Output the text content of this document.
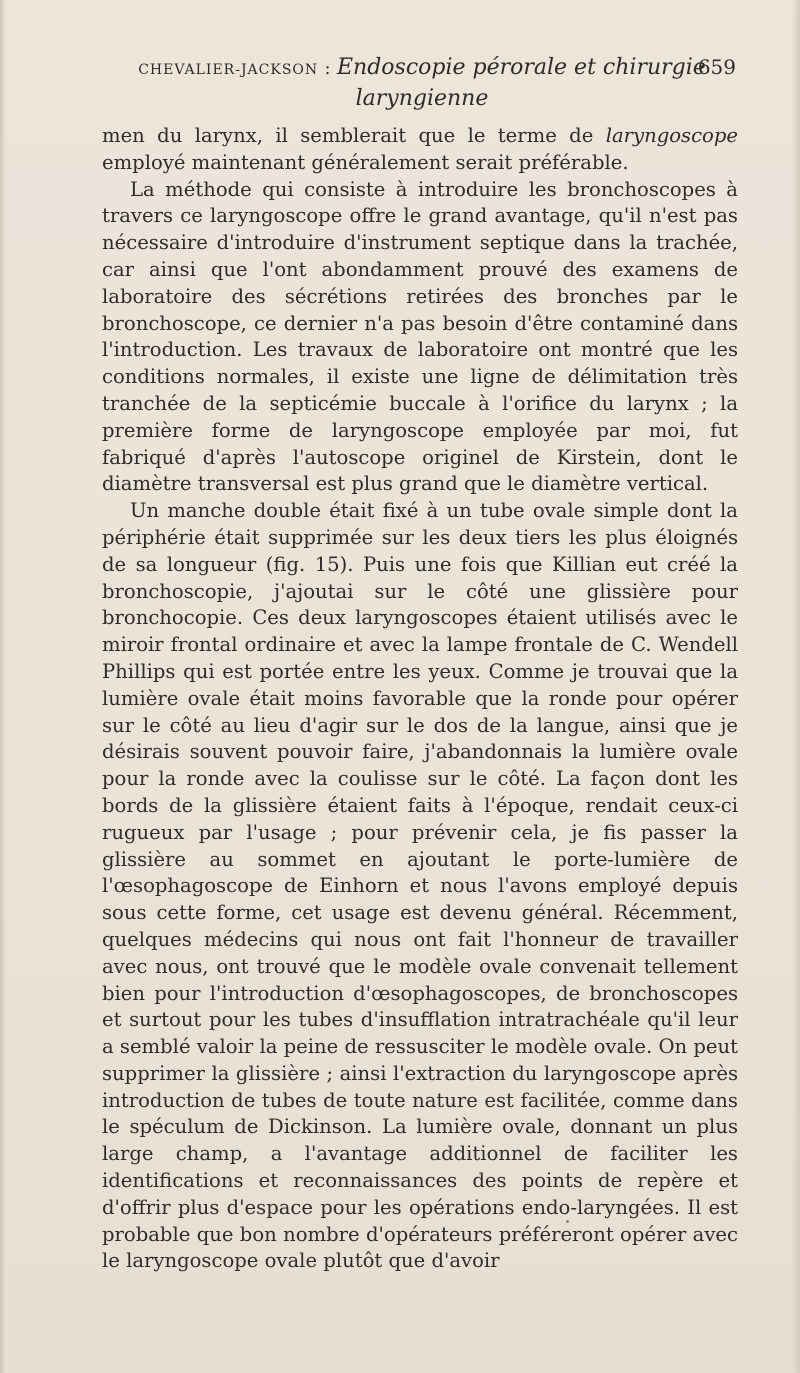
CHEVALIER-JACKSON : Endoscopie pérorale et chirurgie
659
laryngienne

men du larynx, il semblerait que le terme de laryngoscope employé maintenant généralement serait préférable.

La méthode qui consiste à introduire les bronchoscopes à travers ce laryngoscope offre le grand avantage, qu'il n'est pas nécessaire d'introduire d'instrument septique dans la trachée, car ainsi que l'ont abondamment prouvé des examens de laboratoire des sécrétions retirées des bronches par le bronchoscope, ce dernier n'a pas besoin d'être contaminé dans l'introduction. Les travaux de laboratoire ont montré que les conditions normales, il existe une ligne de délimitation très tranchée de la septicémie buccale à l'orifice du larynx ; la première forme de laryngoscope employée par moi, fut fabriqué d'après l'autoscope originel de Kirstein, dont le diamètre transversal est plus grand que le diamètre vertical.

Un manche double était fixé à un tube ovale simple dont la périphérie était supprimée sur les deux tiers les plus éloignés de sa longueur (fig. 15). Puis une fois que Killian eut créé la bronchoscopie, j'ajoutai sur le côté une glissière pour bronchocopie. Ces deux laryngoscopes étaient utilisés avec le miroir frontal ordinaire et avec la lampe frontale de C. Wendell Phillips qui est portée entre les yeux. Comme je trouvai que la lumière ovale était moins favorable que la ronde pour opérer sur le côté au lieu d'agir sur le dos de la langue, ainsi que je désirais souvent pouvoir faire, j'abandonnais la lumière ovale pour la ronde avec la coulisse sur le côté. La façon dont les bords de la glissière étaient faits à l'époque, rendait ceux-ci rugueux par l'usage ; pour prévenir cela, je fis passer la glissière au sommet en ajoutant le porte-lumière de l'œsophagoscope de Einhorn et nous l'avons employé depuis sous cette forme, cet usage est devenu général. Récemment, quelques médecins qui nous ont fait l'honneur de travailler avec nous, ont trouvé que le modèle ovale convenait tellement bien pour l'introduction d'œsophagoscopes, de bronchoscopes et surtout pour les tubes d'insufflation intratrachéale qu'il leur a semblé valoir la peine de ressusciter le modèle ovale. On peut supprimer la glissière ; ainsi l'extraction du laryngoscope après introduction de tubes de toute nature est facilitée, comme dans le spéculum de Dickinson. La lumière ovale, donnant un plus large champ, a l'avantage additionnel de faciliter les identifications et reconnaissances des points de repère et d'offrir plus d'espace pour les opérations endo-laryngées. Il est probable que bon nombre d'opérateurs préféreront opérer avec le laryngoscope ovale plutôt que d'avoir
